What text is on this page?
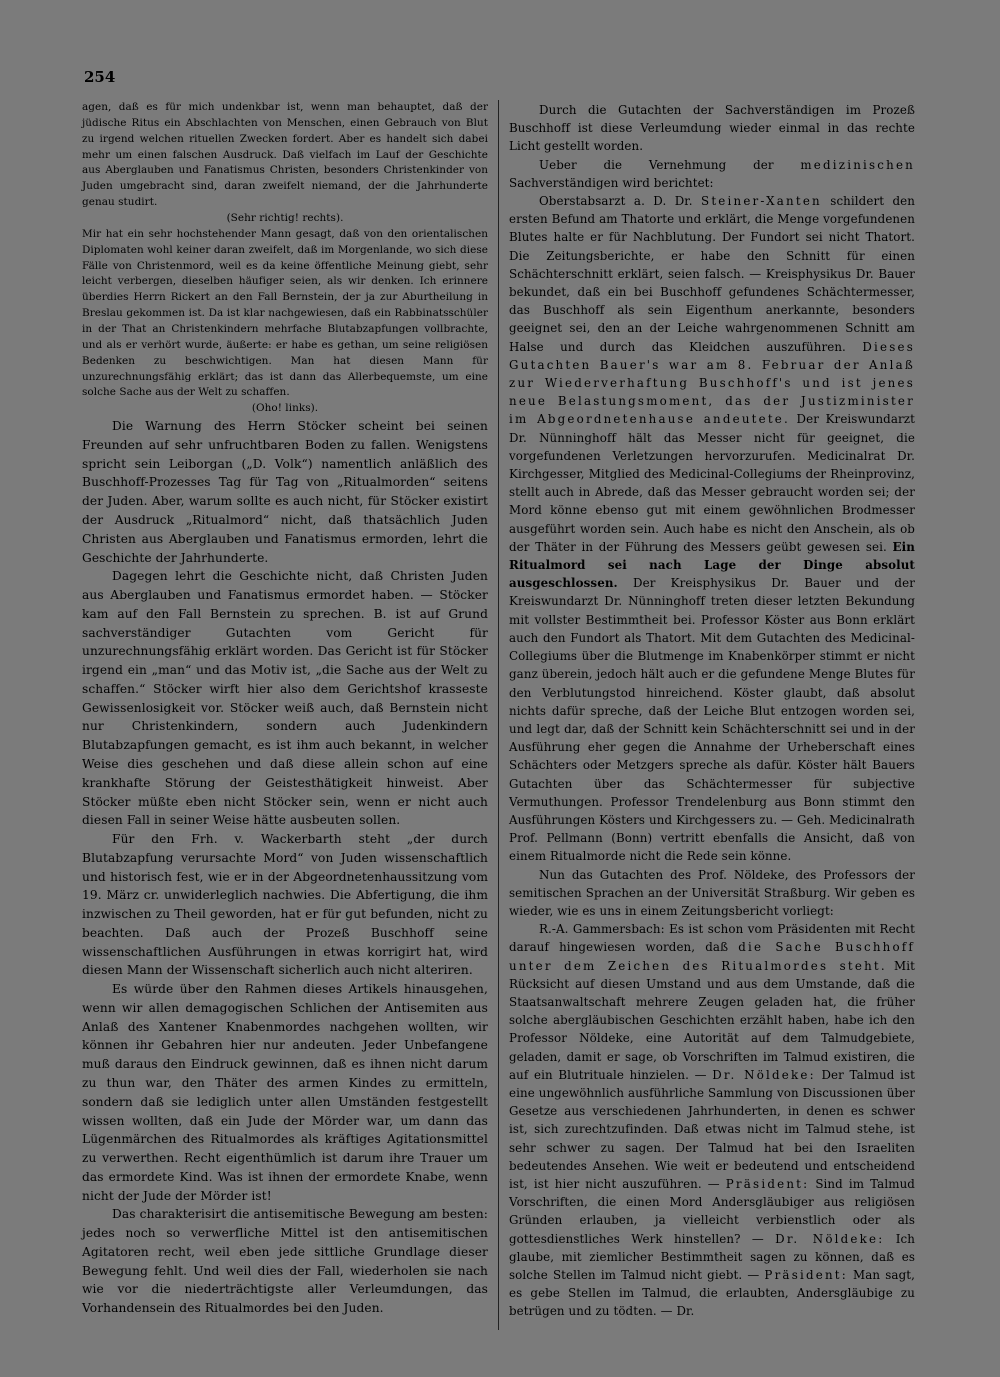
254

agen, daß es für mich undenkbar ist, wenn man behauptet, daß der jüdische Ritus ein Abschlachten von Menschen, einen Gebrauch von Blut zu irgend welchen rituellen Zwecken fordert. Aber es handelt sich dabei mehr um einen falschen Ausdruck. Daß vielfach im Lauf der Geschichte aus Aberglauben und Fanatismus Christen, besonders Christenkinder von Juden umgebracht sind, daran zweifelt niemand, der die Jahrhunderte genau studirt.

(Sehr richtig! rechts).

Mir hat ein sehr hochstehender Mann gesagt, daß von den orientalischen Diplomaten wohl keiner daran zweifelt, daß im Morgenlande, wo sich diese Fälle von Christenmord, weil es da keine öffentliche Meinung giebt, sehr leicht verbergen, dieselben häufiger seien, als wir denken. Ich erinnere überdies Herrn Rickert an den Fall Bernstein, der ja zur Aburtheilung in Breslau gekommen ist. Da ist klar nachgewiesen, daß ein Rabbinatsschüler in der That an Christenkindern mehrfache Blutabzapfungen vollbrachte, und als er verhört wurde, äußerte: er habe es gethan, um seine religiösen Bedenken zu beschwichtigen. Man hat diesen Mann für unzurechnungsfähig erklärt; das ist dann das Allerbequemste, um eine solche Sache aus der Welt zu schaffen.

(Oho! links).

Die Warnung des Herrn Stöcker scheint bei seinen Freunden auf sehr unfruchtbaren Boden zu fallen. Wenigstens spricht sein Leiborgan („D. Volk“) namentlich anläßlich des Buschhoff-Prozesses Tag für Tag von „Ritualmorden“ seitens der Juden. Aber, warum sollte es auch nicht, für Stöcker existirt der Ausdruck „Ritualmord“ nicht, daß thatsächlich Juden Christen aus Aberglauben und Fanatismus ermorden, lehrt die Geschichte der Jahrhunderte.

Dagegen lehrt die Geschichte nicht, daß Christen Juden aus Aberglauben und Fanatismus ermordet haben. — Stöcker kam auf den Fall Bernstein zu sprechen. B. ist auf Grund sachverständiger Gutachten vom Gericht für unzurechnungsfähig erklärt worden. Das Gericht ist für Stöcker irgend ein „man“ und das Motiv ist, „die Sache aus der Welt zu schaffen.“ Stöcker wirft hier also dem Gerichtshof krasseste Gewissenlosigkeit vor. Stöcker weiß auch, daß Bernstein nicht nur Christenkindern, sondern auch Judenkindern Blutabzapfungen gemacht, es ist ihm auch bekannt, in welcher Weise dies geschehen und daß diese allein schon auf eine krankhafte Störung der Geistesthätigkeit hinweist. Aber Stöcker müßte eben nicht Stöcker sein, wenn er nicht auch diesen Fall in seiner Weise hätte ausbeuten sollen.

Für den Frh. v. Wackerbarth steht „der durch Blutabzapfung verursachte Mord“ von Juden wissenschaftlich und historisch fest, wie er in der Abgeordnetenhaussitzung vom 19. März cr. unwiderleglich nachwies. Die Abfertigung, die ihm inzwischen zu Theil geworden, hat er für gut befunden, nicht zu beachten. Daß auch der Prozeß Buschhoff seine wissenschaftlichen Ausführungen in etwas korrigirt hat, wird diesen Mann der Wissenschaft sicherlich auch nicht alteriren.

Es würde über den Rahmen dieses Artikels hinausgehen, wenn wir allen demagogischen Schlichen der Antisemiten aus Anlaß des Xantener Knabenmordes nachgehen wollten, wir können ihr Gebahren hier nur andeuten. Jeder Unbefangene muß daraus den Eindruck gewinnen, daß es ihnen nicht darum zu thun war, den Thäter des armen Kindes zu ermitteln, sondern daß sie lediglich unter allen Umständen festgestellt wissen wollten, daß ein Jude der Mörder war, um dann das Lügenmärchen des Ritualmordes als kräftiges Agitationsmittel zu verwerthen. Recht eigenthümlich ist darum ihre Trauer um das ermordete Kind. Was ist ihnen der ermordete Knabe, wenn nicht der Jude der Mörder ist!

Das charakterisirt die antisemitische Bewegung am besten: jedes noch so verwerfliche Mittel ist den antisemitischen Agitatoren recht, weil eben jede sittliche Grundlage dieser Bewegung fehlt. Und weil dies der Fall, wiederholen sie nach wie vor die niederträchtigste aller Verleumdungen, das Vorhandensein des Ritualmordes bei den Juden.

Durch die Gutachten der Sachverständigen im Prozeß Buschhoff ist diese Verleumdung wieder einmal in das rechte Licht gestellt worden.

Ueber die Vernehmung der medizinischen Sachverständigen wird berichtet:

Oberstabsarzt a. D. Dr. Steiner-Xanten schildert den ersten Befund am Thatorte und erklärt, die Menge vorgefundenen Blutes halte er für Nachblutung. Der Fundort sei nicht Thatort. Die Zeitungsberichte, er habe den Schnitt für einen Schächterschnitt erklärt, seien falsch. — Kreisphysikus Dr. Bauer bekundet, daß ein bei Buschhoff gefundenes Schächtermesser, das Buschhoff als sein Eigenthum anerkannte, besonders geeignet sei, den an der Leiche wahrgenommenen Schnitt am Halse und durch das Kleidchen auszuführen. Dieses Gutachten Bauer's war am 8. Februar der Anlaß zur Wiederverhaftung Buschhoff's und ist jenes neue Belastungsmoment, das der Justizminister im Abgeordnetenhause andeutete. Der Kreiswundarzt Dr. Nünninghoff hält das Messer nicht für geeignet, die vorgefundenen Verletzungen hervorzurufen. Medicinalrat Dr. Kirchgesser, Mitglied des Medicinal-Collegiums der Rheinprovinz, stellt auch in Abrede, daß das Messer gebraucht worden sei; der Mord könne ebenso gut mit einem gewöhnlichen Brodmesser ausgeführt worden sein. Auch habe es nicht den Anschein, als ob der Thäter in der Führung des Messers geübt gewesen sei. Ein Ritualmord sei nach Lage der Dinge absolut ausgeschlossen. Der Kreisphysikus Dr. Bauer und der Kreiswundarzt Dr. Nünninghoff treten dieser letzten Bekundung mit vollster Bestimmtheit bei. Professor Köster aus Bonn erklärt auch den Fundort als Thatort. Mit dem Gutachten des Medicinal-Collegiums über die Blutmenge im Knabenkörper stimmt er nicht ganz überein, jedoch hält auch er die gefundene Menge Blutes für den Verblutungstod hinreichend. Köster glaubt, daß absolut nichts dafür spreche, daß der Leiche Blut entzogen worden sei, und legt dar, daß der Schnitt kein Schächterschnitt sei und in der Ausführung eher gegen die Annahme der Urheberschaft eines Schächters oder Metzgers spreche als dafür. Köster hält Bauers Gutachten über das Schächtermesser für subjective Vermuthungen. Professor Trendelenburg aus Bonn stimmt den Ausführungen Kösters und Kirchgessers zu. — Geh. Medicinalrath Prof. Pellmann (Bonn) vertritt ebenfalls die Ansicht, daß von einem Ritualmorde nicht die Rede sein könne.

Nun das Gutachten des Prof. Nöldeke, des Professors der semitischen Sprachen an der Universität Straßburg. Wir geben es wieder, wie es uns in einem Zeitungsbericht vorliegt:

R.-A. Gammersbach: Es ist schon vom Präsidenten mit Recht darauf hingewiesen worden, daß die Sache Buschhoff unter dem Zeichen des Ritualmordes steht. Mit Rücksicht auf diesen Umstand und aus dem Umstande, daß die Staatsanwaltschaft mehrere Zeugen geladen hat, die früher solche abergläubischen Geschichten erzählt haben, habe ich den Professor Nöldeke, eine Autorität auf dem Talmudgebiete, geladen, damit er sage, ob Vorschriften im Talmud existiren, die auf ein Blutrituale hinzielen. — Dr. Nöldeke: Der Talmud ist eine ungewöhnlich ausführliche Sammlung von Discussionen über Gesetze aus verschiedenen Jahrhunderten, in denen es schwer ist, sich zurechtzufinden. Daß etwas nicht im Talmud stehe, ist sehr schwer zu sagen. Der Talmud hat bei den Israeliten bedeutendes Ansehen. Wie weit er bedeutend und entscheidend ist, ist hier nicht auszuführen. — Präsident: Sind im Talmud Vorschriften, die einen Mord Andersgläubiger aus religiösen Gründen erlauben, ja vielleicht verbienstlich oder als gottesdienstliches Werk hinstellen? — Dr. Nöldeke: Ich glaube, mit ziemlicher Bestimmtheit sagen zu können, daß es solche Stellen im Talmud nicht giebt. — Präsident: Man sagt, es gebe Stellen im Talmud, die erlaubten, Andersgläubige zu betrügen und zu tödten. — Dr.
